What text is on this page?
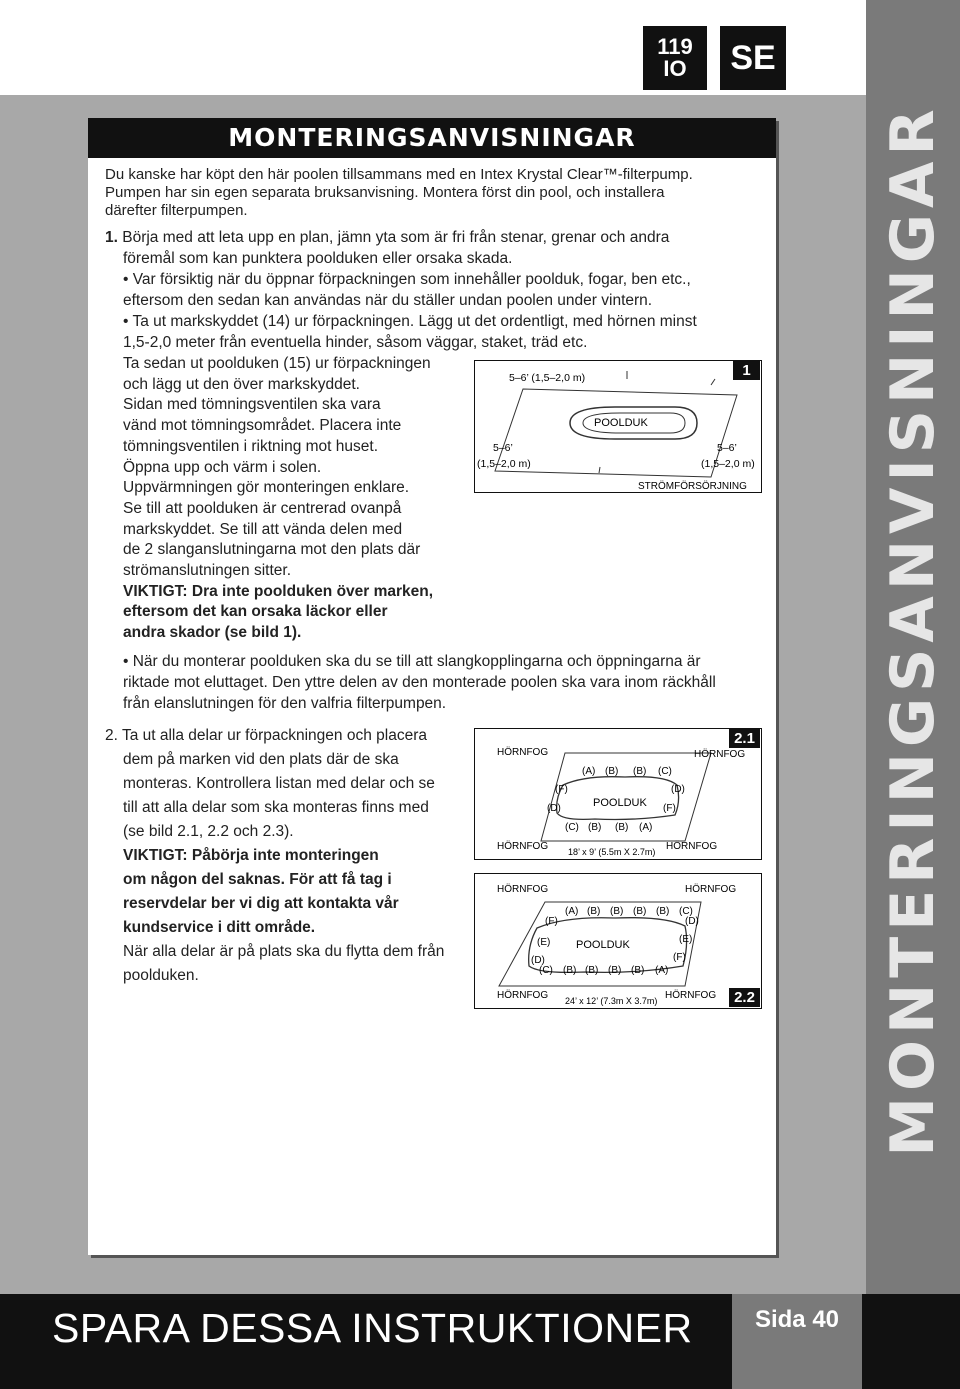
MONTERINGSANVISNINGAR
119
IO	SE
MONTERINGSANVISNINGAR

Du kanske har köpt den här poolen tillsammans med en Intex Krystal Clear™-filterpump.

Pumpen har sin egen separata bruksanvisning. Montera först din pool, och installera

därefter filterpumpen.

1. Börja med att leta upp en plan, jämn yta som är fri från stenar, grenar och andra

föremål som kan punktera poolduken eller orsaka skada.

• Var försiktig när du öppnar förpackningen som innehåller poolduk, fogar, ben etc.,

eftersom den sedan kan användas när du ställer undan poolen under vintern.

• Ta ut markskyddet (14) ur förpackningen. Lägg ut det ordentligt, med hörnen minst

1,5-2,0 meter från eventuella hinder, såsom väggar, staket, träd etc.

Ta sedan ut poolduken (15) ur förpackningen

och lägg ut den över markskyddet.

Sidan med tömningsventilen ska vara

vänd mot tömningsområdet. Placera inte

tömningsventilen i riktning mot huset.

Öppna upp och värm i solen.

Uppvärmningen gör monteringen enklare.

Se till att poolduken är centrerad ovanpå

markskyddet. Se till att vända delen med

de 2 slanganslutningarna mot den plats där

strömanslutningen sitter.

VIKTIGT: Dra inte poolduken över marken,

eftersom det kan orsaka läckor eller

andra skador (se bild 1).

• När du monterar poolduken ska du se till att slangkopplingarna och öppningarna är

riktade mot eluttaget. Den yttre delen av den monterade poolen ska vara inom räckhåll

från elanslutningen för den valfria filterpumpen.

2. Ta ut alla delar ur förpackningen och placera

dem på marken vid den plats där de ska

monteras. Kontrollera listan med delar och se

till att alla delar som ska monteras finns med

(se bild 2.1, 2.2 och 2.3).

VIKTIGT: Påbörja inte monteringen

om någon del saknas. För att få tag i

reservdelar ber vi dig att kontakta vår

kundservice i ditt område.

När alla delar är på plats ska du flytta dem från

poolduken.

5–6’ (1,5–2,0 m)
POOLDUK
5–6’
(1,5–2,0 m)
5–6’
(1,5–2,0 m)
STRÖMFÖRSÖRJNING
1
HÖRNFOG	HÖRNFOG
HÖRNFOG	HÖRNFOG
POOLDUK
18’ x 9’ (5.5m X 2.7m)
(A) (B) (B) (C)
(C) (B) (B) (A)
(F)
(D)
(D)
(F)
2.1
HÖRNFOG	HÖRNFOG
HÖRNFOG	HÖRNFOG
POOLDUK
24’ x 12’ (7.3m X 3.7m)
(A) (B) (B) (B) (B) (C)
(C) (B) (B) (B) (B) (A)
(F)
(E)
(D)
(D)
(E)
(F)
2.2
SPARA DESSA INSTRUKTIONER	Sida 40
